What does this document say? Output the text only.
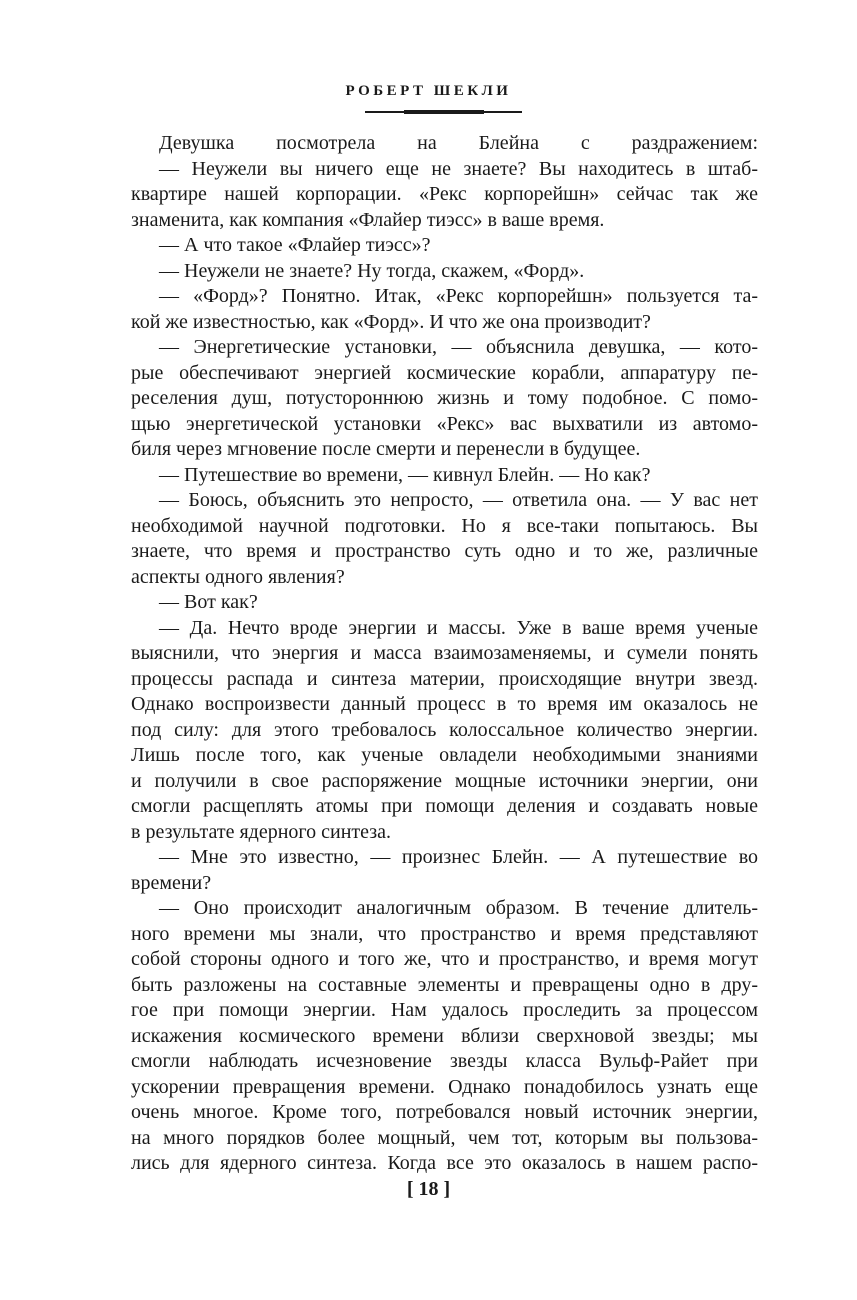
РОБЕРТ ШЕКЛИ
Девушка посмотрела на Блейна с раздражением:
— Неужели вы ничего еще не знаете? Вы находитесь в штаб-
квартире нашей корпорации. «Рекс корпорейшн» сейчас так же
знаменита, как компания «Флайер тиэсс» в ваше время.
— А что такое «Флайер тиэсс»?
— Неужели не знаете? Ну тогда, скажем, «Форд».
— «Форд»? Понятно. Итак, «Рекс корпорейшн» пользуется та-
кой же известностью, как «Форд». И что же она производит?
— Энергетические установки, — объяснила девушка, — кото-
рые обеспечивают энергией космические корабли, аппаратуру пе-
реселения душ, потустороннюю жизнь и тому подобное. С помо-
щью энергетической установки «Рекс» вас выхватили из автомо-
биля через мгновение после смерти и перенесли в будущее.
— Путешествие во времени, — кивнул Блейн. — Но как?
— Боюсь, объяснить это непросто, — ответила она. — У вас нет
необходимой научной подготовки. Но я все-таки попытаюсь. Вы
знаете, что время и пространство суть одно и то же, различные
аспекты одного явления?
— Вот как?
— Да. Нечто вроде энергии и массы. Уже в ваше время ученые
выяснили, что энергия и масса взаимозаменяемы, и сумели понять
процессы распада и синтеза материи, происходящие внутри звезд.
Однако воспроизвести данный процесс в то время им оказалось не
под силу: для этого требовалось колоссальное количество энергии.
Лишь после того, как ученые овладели необходимыми знаниями
и получили в свое распоряжение мощные источники энергии, они
смогли расщеплять атомы при помощи деления и создавать новые
в результате ядерного синтеза.
— Мне это известно, — произнес Блейн. — А путешествие во
времени?
— Оно происходит аналогичным образом. В течение длитель-
ного времени мы знали, что пространство и время представляют
собой стороны одного и того же, что и пространство, и время могут
быть разложены на составные элементы и превращены одно в дру-
гое при помощи энергии. Нам удалось проследить за процессом
искажения космического времени вблизи сверхновой звезды; мы
смогли наблюдать исчезновение звезды класса Вульф-Райет при
ускорении превращения времени. Однако понадобилось узнать еще
очень многое. Кроме того, потребовался новый источник энергии,
на много порядков более мощный, чем тот, которым вы пользова-
лись для ядерного синтеза. Когда все это оказалось в нашем распо-
[ 18 ]
